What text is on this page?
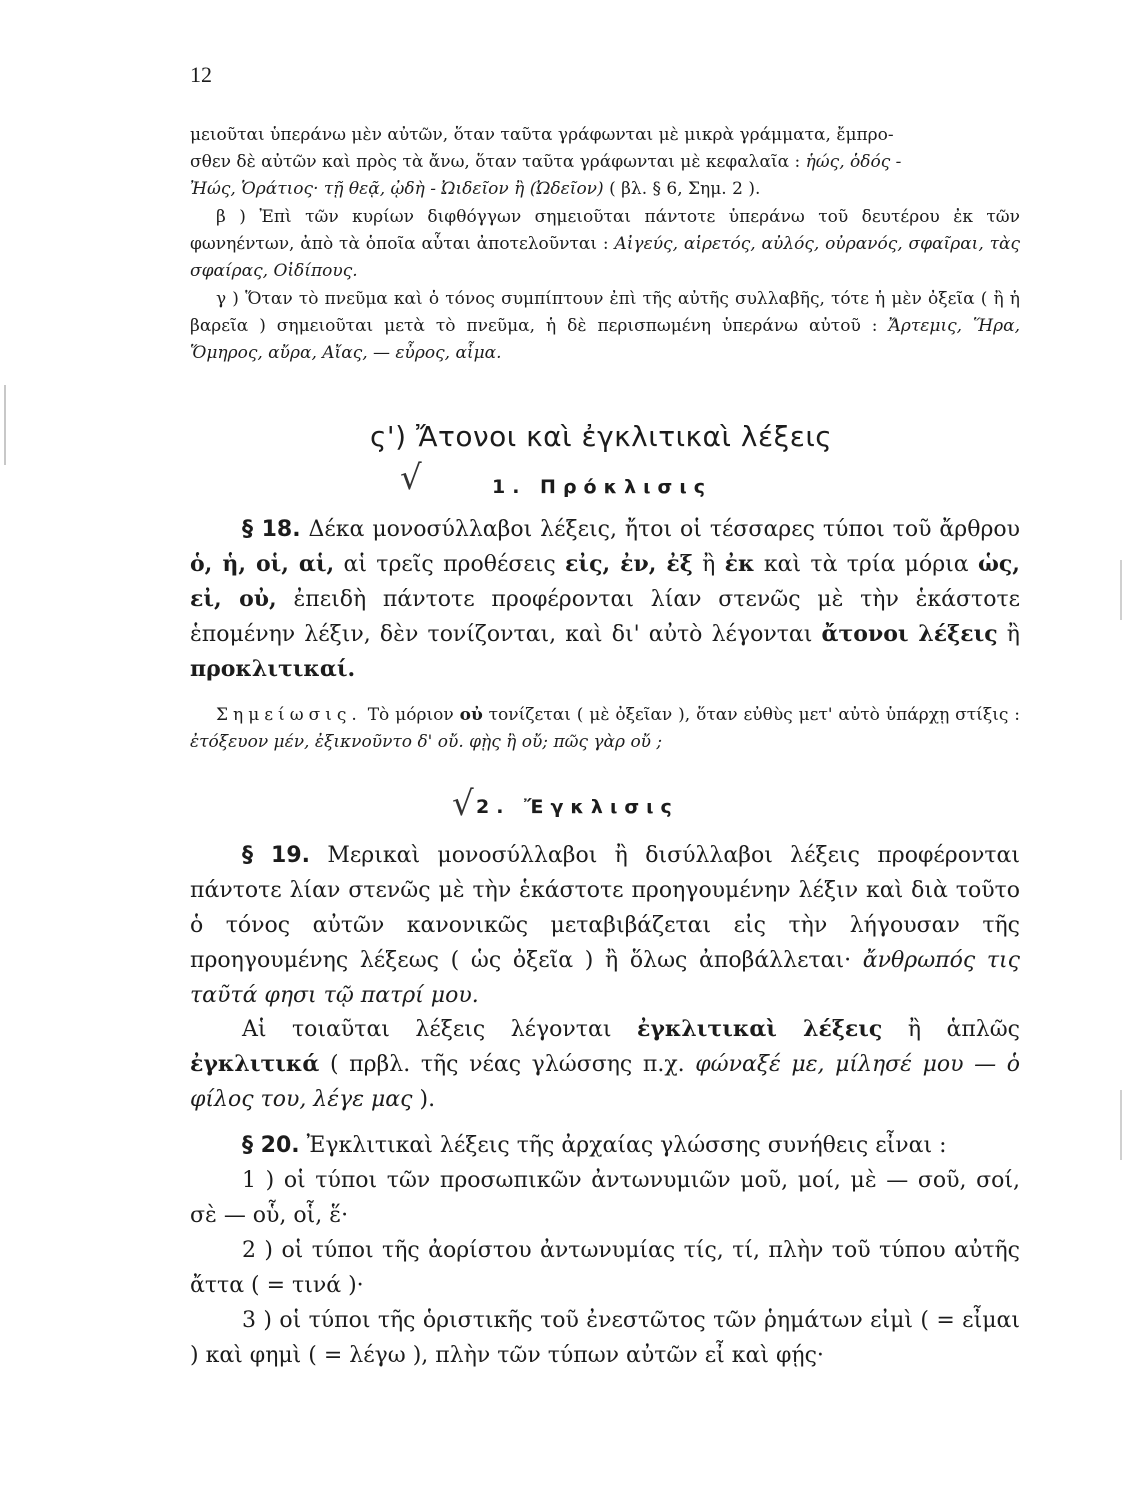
12

μειοῦται ὑπεράνω μὲν αὐτῶν, ὅταν ταῦτα γράφωνται μὲ μικρὰ γράμματα, ἔμπρο-

σθεν δὲ αὐτῶν καὶ πρὸς τὰ ἄνω, ὅταν ταῦτα γράφωνται μὲ κεφαλαῖα : ἡώς, ὁδός -

Ἠώς, Ὁράτιος· τῇ θεᾷ, ᾠδὴ - Ὠιδεῖον ἢ (Ὠδεῖον) ( βλ. § 6, Σημ. 2 ).

β ) Ἐπὶ τῶν κυρίων διφθόγγων σημειοῦται πάντοτε ὑπεράνω τοῦ δευτέρου ἐκ τῶν φωνηέντων, ἀπὸ τὰ ὁποῖα αὗται ἀποτελοῦνται : Αἰγεύς, αἱρετός, αὐλός, οὐρανός, σφαῖραι, τὰς σφαίρας, Οἰδίπους.
γ ) Ὅταν τὸ πνεῦμα καὶ ὁ τόνος συμπίπτουν ἐπὶ τῆς αὐτῆς συλλαβῆς, τότε ἡ μὲν ὀξεῖα ( ἢ ἡ βαρεῖα ) σημειοῦται μετὰ τὸ πνεῦμα, ἡ δὲ περισπωμένη ὑπεράνω αὐτοῦ : Ἄρτεμις, Ἥρα, Ὅμηρος, αὔρα, Αἴας, — εὖρος, αἷμα.
ς') Ἄτονοι καὶ ἐγκλιτικαὶ λέξεις
√	1. Πρόκλισις
§ 18. Δέκα μονοσύλλαβοι λέξεις, ἤτοι οἱ τέσσαρες τύποι τοῦ ἄρθρου ὁ, ἡ, οἱ, αἱ, αἱ τρεῖς προθέσεις εἰς, ἐν, ἐξ ἢ ἐκ καὶ τὰ τρία μόρια ὡς, εἰ, οὐ, ἐπειδὴ πάντοτε προφέρονται λίαν στενῶς μὲ τὴν ἑκάστοτε ἑπομένην λέξιν, δὲν τονίζονται, καὶ δι' αὐτὸ λέγονται ἄτονοι λέξεις ἢ προκλιτικαί.
Σημείωσις. Τὸ μόριον οὐ τονίζεται ( μὲ ὀξεῖαν ), ὅταν εὐθὺς μετ' αὐτὸ ὑπάρχῃ στίξις : ἐτόξευον μέν, ἐξικνοῦντο δ' οὔ. φῂς ἢ οὔ; πῶς γὰρ οὔ ;
√ 2. Ἔγκλισις
§ 19. Μερικαὶ μονοσύλλαβοι ἢ δισύλλαβοι λέξεις προφέρονται πάντοτε λίαν στενῶς μὲ τὴν ἑκάστοτε προηγουμένην λέξιν καὶ διὰ τοῦτο ὁ τόνος αὐτῶν κανονικῶς μεταβιβάζεται εἰς τὴν λήγουσαν τῆς προηγουμένης λέξεως ( ὡς ὀξεῖα ) ἢ ὅλως ἀποβάλλεται· ἄνθρωπός τις ταῦτά φησι τῷ πατρί μου.
Αἱ τοιαῦται λέξεις λέγονται ἐγκλιτικαὶ λέξεις ἢ ἁπλῶς ἐγκλιτικά ( πρβλ. τῆς νέας γλώσσης π.χ. φώναξέ με, μίλησέ μου — ὁ φίλος του, λέγε μας ).

§ 20. Ἐγκλιτικαὶ λέξεις τῆς ἀρχαίας γλώσσης συνήθεις εἶναι :

1 ) οἱ τύποι τῶν προσωπικῶν ἀντωνυμιῶν μοῦ, μοί, μὲ — σοῦ, σοί, σὲ — οὗ, οἷ, ἕ·

2 ) οἱ τύποι τῆς ἀορίστου ἀντωνυμίας τίς, τί, πλὴν τοῦ τύπου αὐτῆς ἄττα ( = τινά )·

3 ) οἱ τύποι τῆς ὁριστικῆς τοῦ ἐνεστῶτος τῶν ῥημάτων εἰμὶ ( = εἶμαι ) καὶ φημὶ ( = λέγω ), πλὴν τῶν τύπων αὐτῶν εἶ καὶ φῄς·
